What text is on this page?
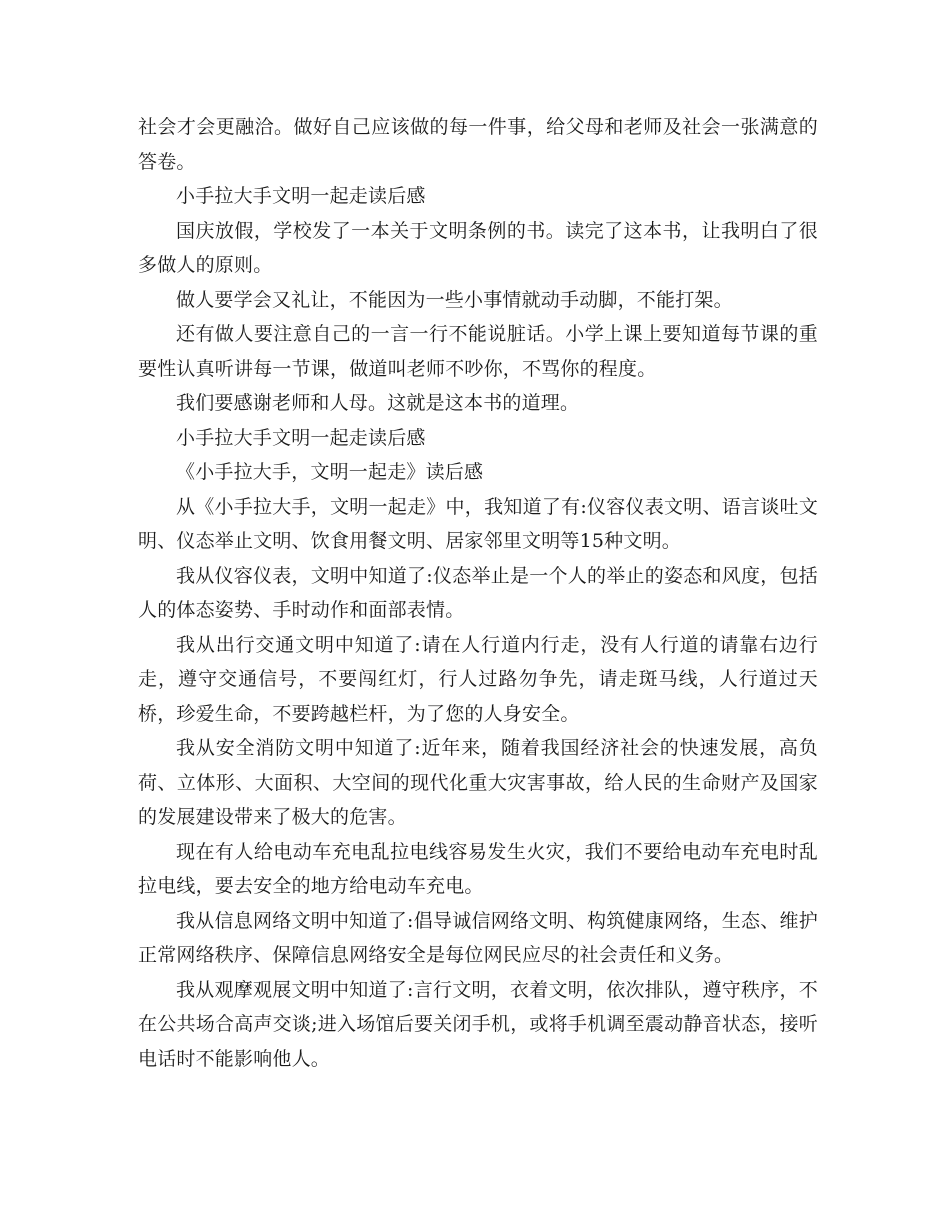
社会才会更融洽。做好自己应该做的每一件事，给父母和老师及社会一张满意的答卷。

小手拉大手文明一起走读后感

国庆放假，学校发了一本关于文明条例的书。读完了这本书，让我明白了很多做人的原则。

做人要学会又礼让，不能因为一些小事情就动手动脚，不能打架。

还有做人要注意自己的一言一行不能说脏话。小学上课上要知道每节课的重要性认真听讲每一节课，做道叫老师不吵你，不骂你的程度。

我们要感谢老师和人母。这就是这本书的道理。

小手拉大手文明一起走读后感

《小手拉大手，文明一起走》读后感

从《小手拉大手，文明一起走》中，我知道了有:仪容仪表文明、语言谈吐文明、仪态举止文明、饮食用餐文明、居家邻里文明等15种文明。

我从仪容仪表，文明中知道了:仪态举止是一个人的举止的姿态和风度，包括人的体态姿势、手时动作和面部表情。

我从出行交通文明中知道了:请在人行道内行走，没有人行道的请靠右边行走，遵守交通信号，不要闯红灯，行人过路勿争先，请走斑马线，人行道过天桥，珍爱生命，不要跨越栏杆，为了您的人身安全。

我从安全消防文明中知道了:近年来，随着我国经济社会的快速发展，高负荷、立体形、大面积、大空间的现代化重大灾害事故，给人民的生命财产及国家的发展建设带来了极大的危害。

现在有人给电动车充电乱拉电线容易发生火灾，我们不要给电动车充电时乱拉电线，要去安全的地方给电动车充电。

我从信息网络文明中知道了:倡导诚信网络文明、构筑健康网络，生态、维护正常网络秩序、保障信息网络安全是每位网民应尽的社会责任和义务。

我从观摩观展文明中知道了:言行文明，衣着文明，依次排队，遵守秩序，不在公共场合高声交谈;进入场馆后要关闭手机，或将手机调至震动静音状态，接听电话时不能影响他人。
